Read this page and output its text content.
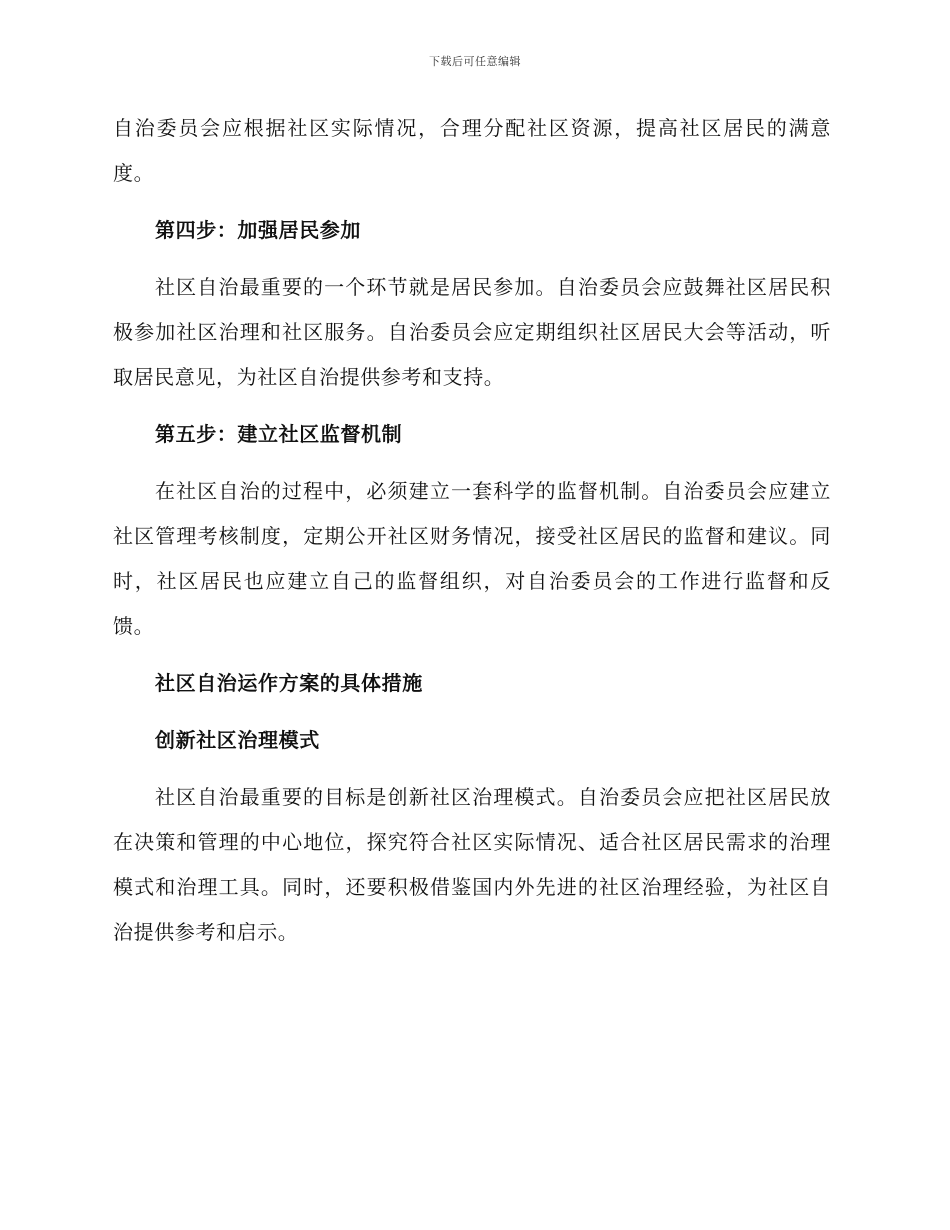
下载后可任意编辑

自治委员会应根据社区实际情况，合理分配社区资源，提高社区居民的满意度。

第四步：加强居民参加

社区自治最重要的一个环节就是居民参加。自治委员会应鼓舞社区居民积极参加社区治理和社区服务。自治委员会应定期组织社区居民大会等活动，听取居民意见，为社区自治提供参考和支持。

第五步：建立社区监督机制

在社区自治的过程中，必须建立一套科学的监督机制。自治委员会应建立社区管理考核制度，定期公开社区财务情况，接受社区居民的监督和建议。同时，社区居民也应建立自己的监督组织，对自治委员会的工作进行监督和反馈。

社区自治运作方案的具体措施
创新社区治理模式

社区自治最重要的目标是创新社区治理模式。自治委员会应把社区居民放在决策和管理的中心地位，探究符合社区实际情况、适合社区居民需求的治理模式和治理工具。同时，还要积极借鉴国内外先进的社区治理经验，为社区自治提供参考和启示。
